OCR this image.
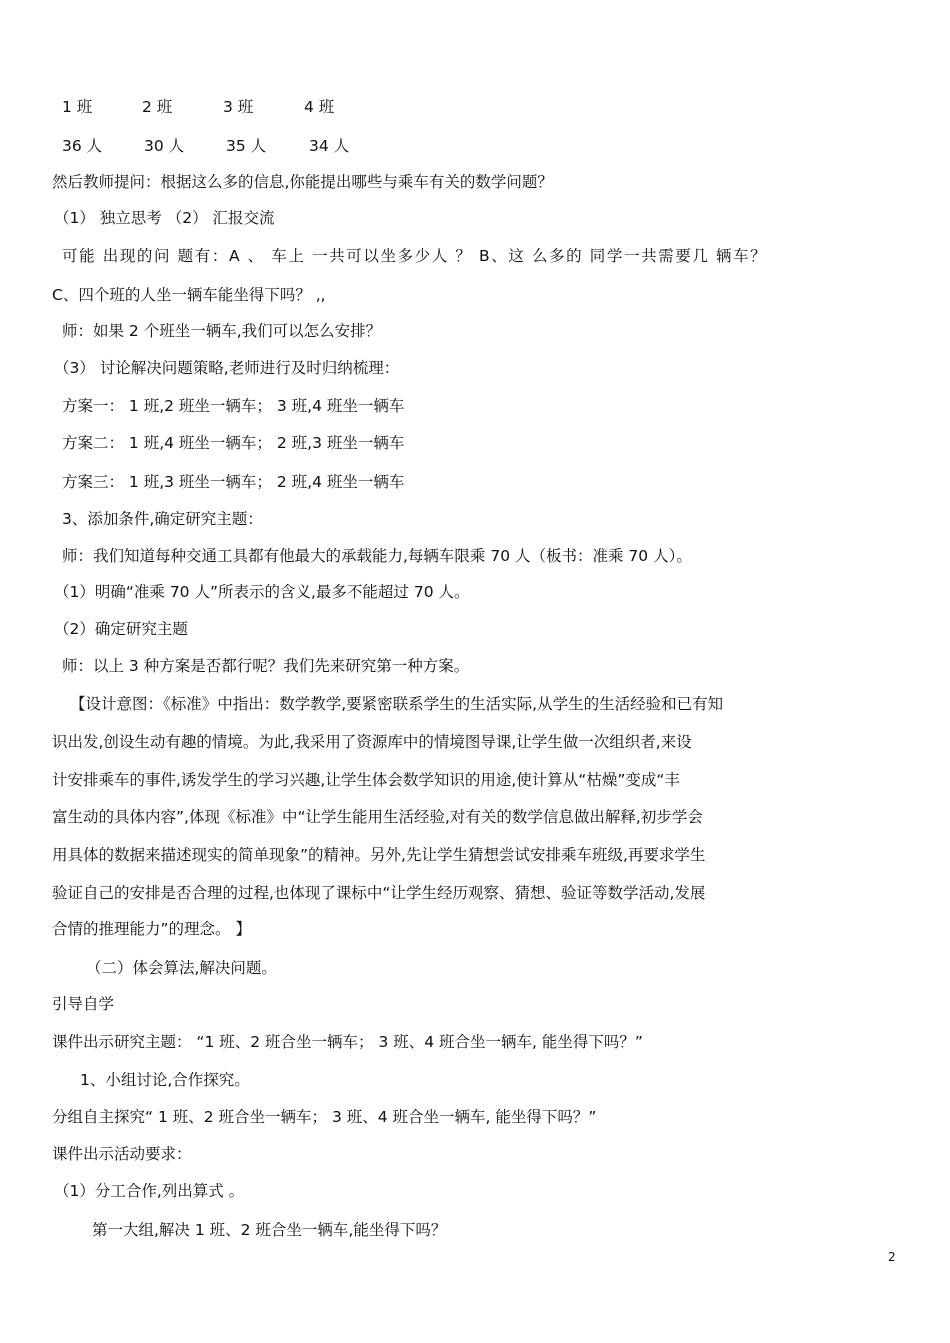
1 班	2 班	3 班	4 班
36 人	30 人	35 人	34 人
然后教师提问：根据这么多的信息,你能提出哪些与乘车有关的数学问题？
（1） 独立思考 （2） 汇报交流
可能 出现的问 题有：A 、 车上 一共可以坐多少人 ？ B、这 么多的 同学一共需要几 辆车？
C、四个班的人坐一辆车能坐得下吗？ ,,
师：如果 2 个班坐一辆车,我们可以怎么安排？
（3） 讨论解决问题策略,老师进行及时归纳梳理：
方案一： 1 班,2 班坐一辆车； 3 班,4 班坐一辆车
方案二： 1 班,4 班坐一辆车； 2 班,3 班坐一辆车
方案三： 1 班,3 班坐一辆车； 2 班,4 班坐一辆车
3、添加条件,确定研究主题：
师：我们知道每种交通工具都有他最大的承载能力,每辆车限乘 70 人（板书：准乘 70 人）。
（1）明确“准乘 70 人”所表示的含义,最多不能超过 70 人。
（2）确定研究主题
师：以上 3 种方案是否都行呢？我们先来研究第一种方案。
【设计意图：《标准》中指出：数学教学,要紧密联系学生的生活实际,从学生的生活经验和已有知
识出发,创设生动有趣的情境。为此,我采用了资源库中的情境图导课,让学生做一次组织者,来设
计安排乘车的事件,诱发学生的学习兴趣,让学生体会数学知识的用途,使计算从“枯燥”变成“丰
富生动的具体内容”,体现《标准》中“让学生能用生活经验,对有关的数学信息做出解释,初步学会
用具体的数据来描述现实的简单现象”的精神。另外,先让学生猜想尝试安排乘车班级,再要求学生
验证自己的安排是否合理的过程,也体现了课标中“让学生经历观察、猜想、验证等数学活动,发展
合情的推理能力”的理念。 】
（二）体会算法,解决问题。
引导自学
课件出示研究主题： “1 班、2 班合坐一辆车； 3 班、4 班合坐一辆车, 能坐得下吗？”
1、小组讨论,合作探究。
分组自主探究“ 1 班、2 班合坐一辆车； 3 班、4 班合坐一辆车, 能坐得下吗？”
课件出示活动要求：
（1）分工合作,列出算式 。
第一大组,解决 1 班、2 班合坐一辆车,能坐得下吗？
2
